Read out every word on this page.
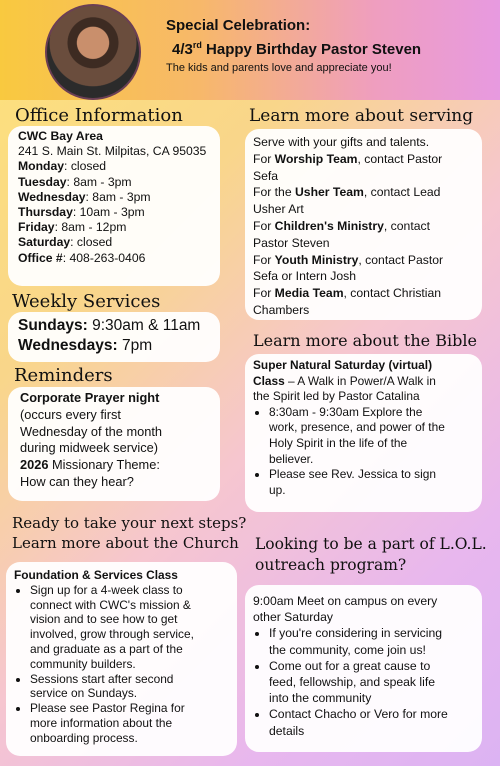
Special Celebration:
4/3rd Happy Birthday Pastor Steven

The kids and parents love and appreciate you!

Office Information
CWC Bay Area
241 S. Main St. Milpitas, CA 95035
Monday: closed
Tuesday: 8am - 3pm
Wednesday: 8am - 3pm
Thursday: 10am - 3pm
Friday: 8am - 12pm
Saturday: closed
Office #: 408-263-0406
Weekly Services
Sundays: 9:30am & 11am
Wednesdays: 7pm
Reminders
Corporate Prayer night
(occurs every first
Wednesday of the month
during midweek service)
2026 Missionary Theme:
How can they hear?
Ready to take your next steps?
Learn more about the Church
Foundation & Services Class
• Sign up for a 4-week class to
connect with CWC's mission &
vision and to see how to get
involved, grow through service,
and graduate as a part of the
community builders.
• Sessions start after second
service on Sundays.
• Please see Pastor Regina for
more information about the
onboarding process.
Learn more about serving
Serve with your gifts and talents.
For Worship Team, contact Pastor
Sefa
For the Usher Team, contact Lead
Usher Art
For Children's Ministry, contact
Pastor Steven
For Youth Ministry, contact Pastor
Sefa or Intern Josh
For Media Team, contact Christian
Chambers
Learn more about the Bible
Super Natural Saturday (virtual)
Class – A Walk in Power/A Walk in
the Spirit led by Pastor Catalina
• 8:30am - 9:30am Explore the
work, presence, and power of the
Holy Spirit in the life of the
believer.
• Please see Rev. Jessica to sign
up.
Looking to be a part of L.O.L.
outreach program?
9:00am Meet on campus on every
other Saturday
• If you're considering in servicing
the community, come join us!
• Come out for a great cause to
feed, fellowship, and speak life
into the community
• Contact Chacho or Vero for more
details
